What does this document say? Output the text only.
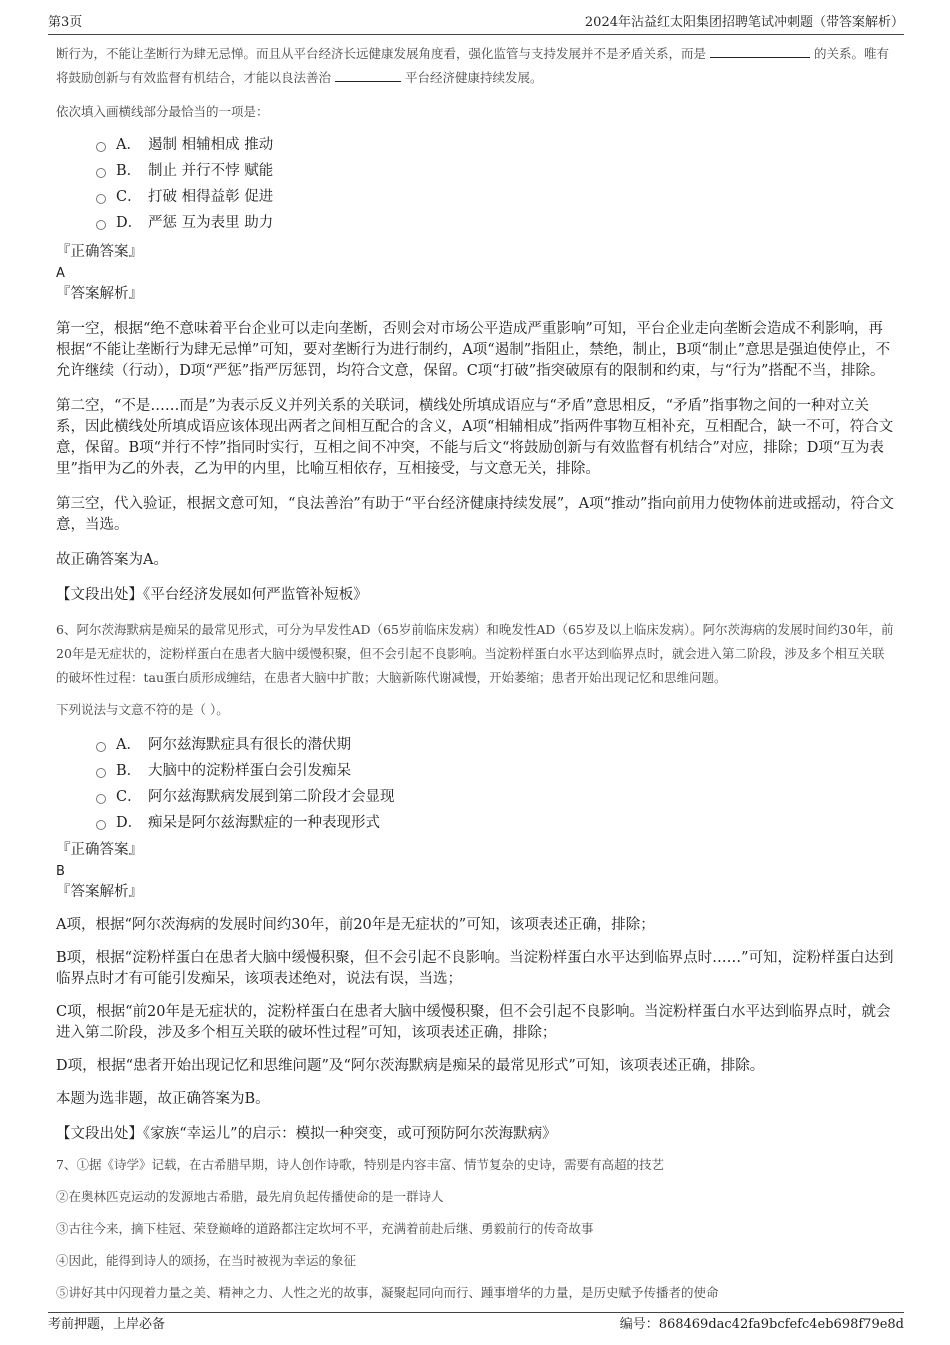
第3页	2024年沾益红太阳集团招聘笔试冲刺题（带答案解析）

断行为，不能让垄断行为肆无忌惮。而且从平台经济长远健康发展角度看，强化监管与支持发展并不是矛盾关系，而是	的关系。唯有将鼓励创新与有效监督有机结合，才能以良法善治	平台经济健康持续发展。

依次填入画横线部分最恰当的一项是：

A． 遏制 相辅相成 推动
B． 制止 并行不悖 赋能
C． 打破 相得益彰 促进
D． 严惩 互为表里 助力

『正确答案』

A

『答案解析』

第一空，根据“绝不意味着平台企业可以走向垄断，否则会对市场公平造成严重影响”可知，平台企业走向垄断会造成不利影响，再根据“不能让垄断行为肆无忌惮”可知，要对垄断行为进行制约，A项“遏制”指阻止，禁绝，制止，B项“制止”意思是强迫使停止，不允许继续（行动），D项“严惩”指严厉惩罚，均符合文意，保留。C项“打破”指突破原有的限制和约束，与“行为”搭配不当，排除。

第二空，“不是……而是”为表示反义并列关系的关联词，横线处所填成语应与“矛盾”意思相反，“矛盾”指事物之间的一种对立关系，因此横线处所填成语应该体现出两者之间相互配合的含义，A项“相辅相成”指两件事物互相补充，互相配合，缺一不可，符合文意，保留。B项“并行不悖”指同时实行，互相之间不冲突，不能与后文“将鼓励创新与有效监督有机结合”对应，排除；D项“互为表里”指甲为乙的外表，乙为甲的内里，比喻互相依存，互相接受，与文意无关，排除。

第三空，代入验证，根据文意可知，“良法善治”有助于“平台经济健康持续发展”，A项“推动”指向前用力使物体前进或摇动，符合文意，当选。

故正确答案为A。

【文段出处】《平台经济发展如何严监管补短板》

6、阿尔茨海默病是痴呆的最常见形式，可分为早发性AD（65岁前临床发病）和晚发性AD（65岁及以上临床发病）。阿尔茨海病的发展时间约30年，前20年是无症状的，淀粉样蛋白在患者大脑中缓慢积聚，但不会引起不良影响。当淀粉样蛋白水平达到临界点时，就会进入第二阶段，涉及多个相互关联的破坏性过程：tau蛋白质形成缠结，在患者大脑中扩散；大脑新陈代谢减慢，开始萎缩；患者开始出现记忆和思维问题。

下列说法与文意不符的是（ ）。

A． 阿尔兹海默症具有很长的潜伏期
B． 大脑中的淀粉样蛋白会引发痴呆
C． 阿尔兹海默病发展到第二阶段才会显现
D． 痴呆是阿尔兹海默症的一种表现形式

『正确答案』

B

『答案解析』

A项，根据“阿尔茨海病的发展时间约30年，前20年是无症状的”可知，该项表述正确，排除；

B项，根据“淀粉样蛋白在患者大脑中缓慢积聚，但不会引起不良影响。当淀粉样蛋白水平达到临界点时……”可知，淀粉样蛋白达到临界点时才有可能引发痴呆，该项表述绝对，说法有误，当选；

C项，根据“前20年是无症状的，淀粉样蛋白在患者大脑中缓慢积聚，但不会引起不良影响。当淀粉样蛋白水平达到临界点时，就会进入第二阶段，涉及多个相互关联的破坏性过程”可知，该项表述正确，排除；

D项，根据“患者开始出现记忆和思维问题”及“阿尔茨海默病是痴呆的最常见形式”可知，该项表述正确，排除。

本题为选非题，故正确答案为B。

【文段出处】《家族“幸运儿”的启示：模拟一种突变，或可预防阿尔茨海默病》

7、①据《诗学》记载，在古希腊早期，诗人创作诗歌，特别是内容丰富、情节复杂的史诗，需要有高超的技艺

②在奥林匹克运动的发源地古希腊，最先肩负起传播使命的是一群诗人

③古往今来，摘下桂冠、荣登巅峰的道路都注定坎坷不平，充满着前赴后继、勇毅前行的传奇故事

④因此，能得到诗人的颂扬，在当时被视为幸运的象征

⑤讲好其中闪现着力量之美、精神之力、人性之光的故事，凝聚起同向而行、踵事增华的力量，是历史赋予传播者的使命

考前押题，上岸必备	编号：868469dac42fa9bcfefc4eb698f79e8d
